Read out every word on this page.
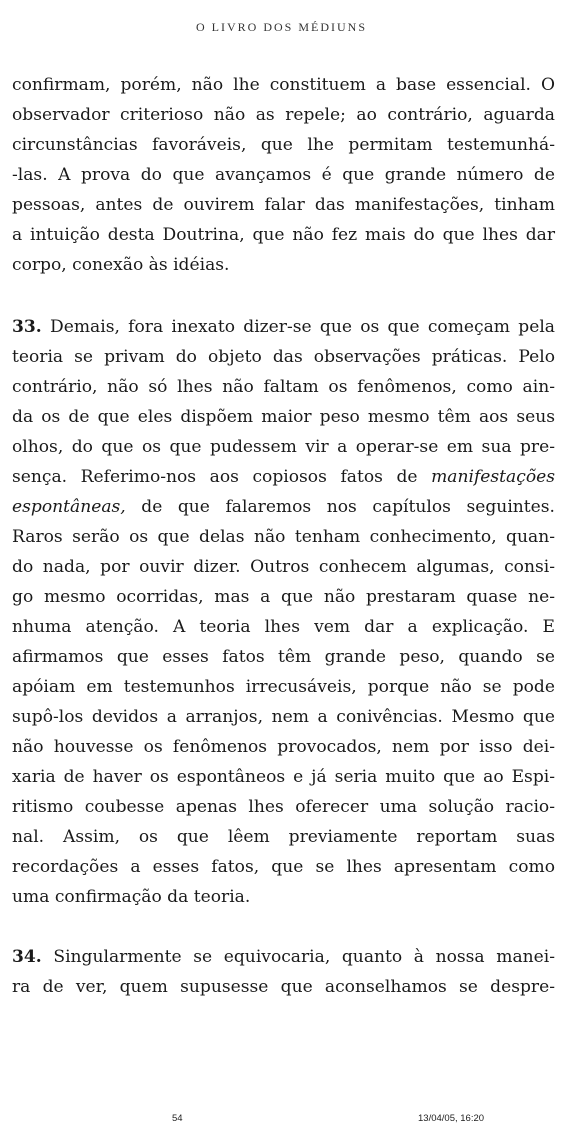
O LIVRO DOS MÉDIUNS
confirmam, porém, não lhe constituem a base essencial. O
observador criterioso não as repele; ao contrário, aguarda
circunstâncias favoráveis, que lhe permitam testemunhá-
-las. A prova do que avançamos é que grande número de
pessoas, antes de ouvirem falar das manifestações, tinham
a intuição desta Doutrina, que não fez mais do que lhes dar
corpo, conexão às idéias.
33. Demais, fora inexato dizer-se que os que começam pela
teoria se privam do objeto das observações práticas. Pelo
contrário, não só lhes não faltam os fenômenos, como ain-
da os de que eles dispõem maior peso mesmo têm aos seus
olhos, do que os que pudessem vir a operar-se em sua pre-
sença. Referimo-nos aos copiosos fatos de manifestações
espontâneas, de que falaremos nos capítulos seguintes.
Raros serão os que delas não tenham conhecimento, quan-
do nada, por ouvir dizer. Outros conhecem algumas, consi-
go mesmo ocorridas, mas a que não prestaram quase ne-
nhuma atenção. A teoria lhes vem dar a explicação. E
afirmamos que esses fatos têm grande peso, quando se
apóiam em testemunhos irrecusáveis, porque não se pode
supô-los devidos a arranjos, nem a conivências. Mesmo que
não houvesse os fenômenos provocados, nem por isso dei-
xaria de haver os espontâneos e já seria muito que ao Espi-
ritismo coubesse apenas lhes oferecer uma solução racio-
nal. Assim, os que lêem previamente reportam suas
recordações a esses fatos, que se lhes apresentam como
uma confirmação da teoria.
34. Singularmente se equivocaria, quanto à nossa manei-
ra de ver, quem supusesse que aconselhamos se despre-
54	13/04/05, 16:20
